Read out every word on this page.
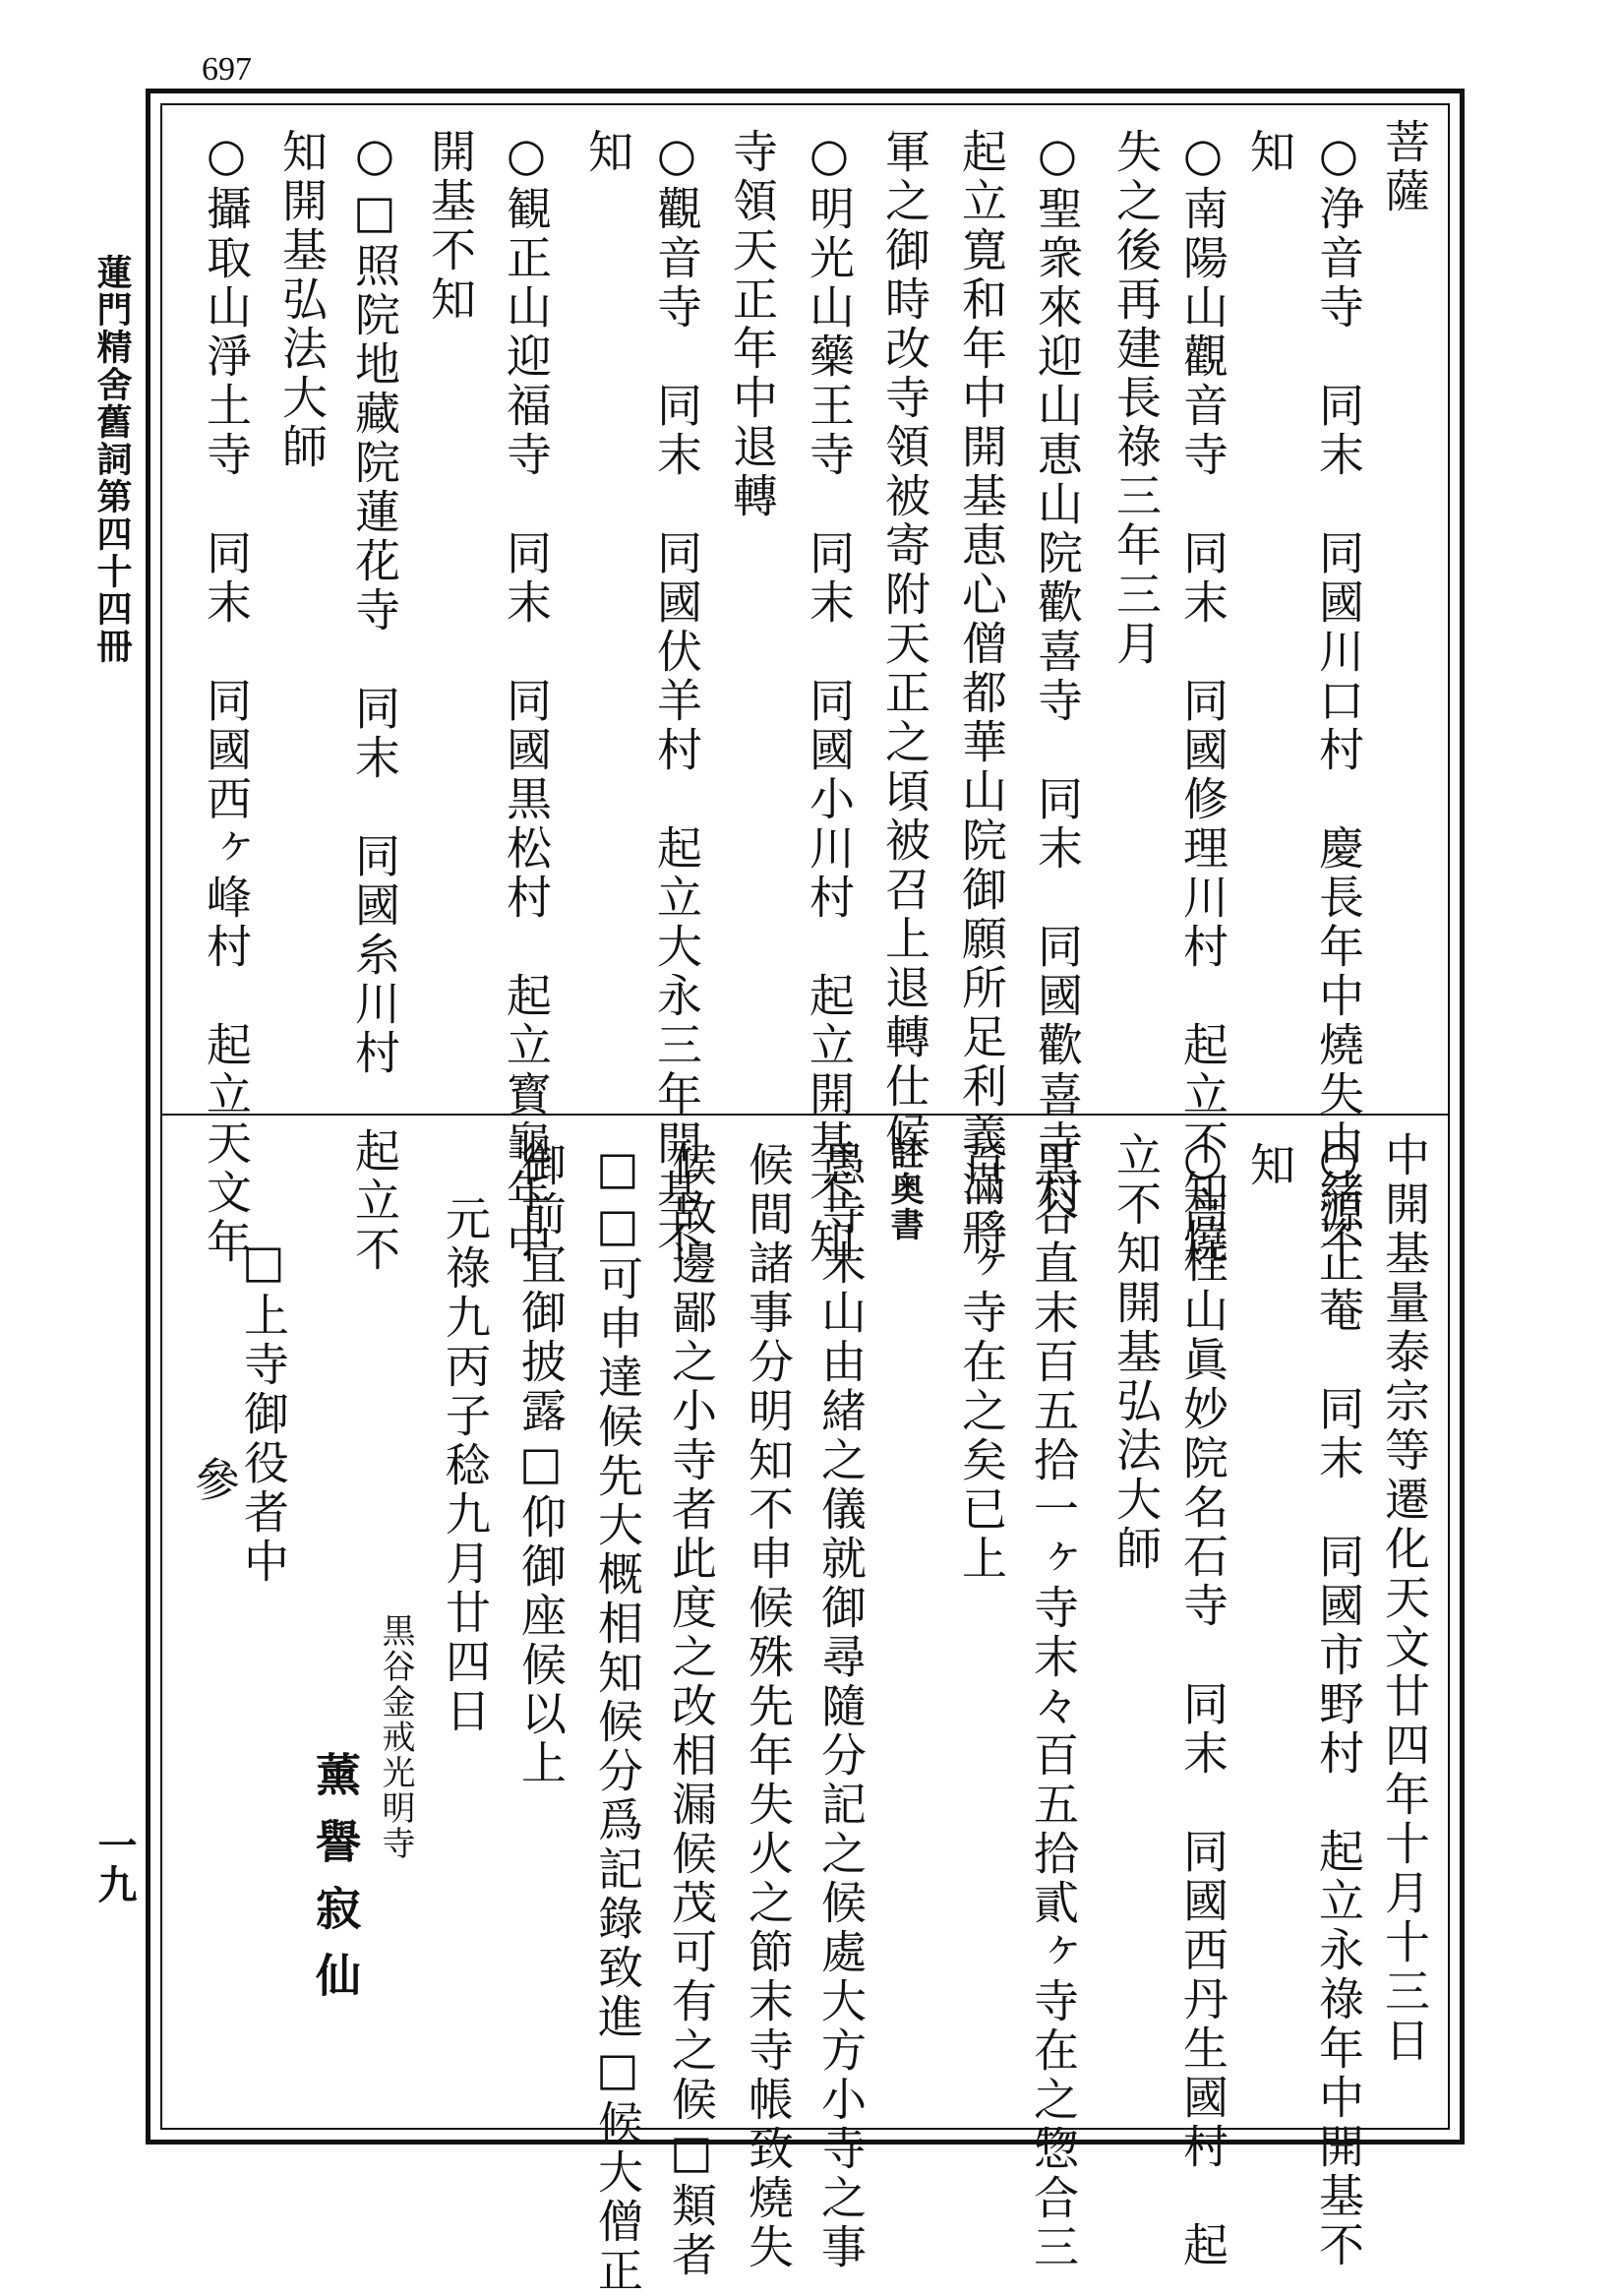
697
蓮門精舍舊詞第四十四冊
一九
菩薩
○浄音寺　同末　同國川口村　慶長年中燒失由緒不
知
○南陽山觀音寺　同末　同國修理川村　起立不知燒
失之後再建長祿三年三月
○聖衆來迎山恵山院歡喜寺　同末　同國歡喜寺村
起立寛和年中開基恵心僧都華山院御願所足利義滿將
軍之御時改寺領被寄附天正之頃被召上退轉仕候
○明光山藥王寺　同末　同國小川村　起立開基不知
寺領天正年中退轉
○觀音寺　同末　同國伏羊村　起立大永三年開基不
知
○観正山迎福寺　同末　同國黒松村　起立寳龜年中
開基不知
○□照院地藏院蓮花寺　同末　同國糸川村　起立不
知開基弘法大師
○攝取山淨土寺　同末　同國西ヶ峰村　起立天文年
中開基量泰宗等遷化天文廿四年十月十三日
○源正菴　同末　同國市野村　起立永祿年中開基不
知
○高桂山眞妙院名石寺　同末　同國西丹生國村　起
立不知開基弘法大師
黒谷直末百五拾一ヶ寺末々百五拾貳ヶ寺在之惣合三
百三ヶ寺在之矣已上
註奥書
愚寺末山由緒之儀就御尋隨分記之候處大方小寺之事
候間諸事分明知不申候殊先年失火之節末寺帳致燒失
候故邊鄙之小寺者此度之改相漏候茂可有之候□類者
□□可申達候先大概相知候分爲記錄致進□候大僧正
御前宜御披露□仰御座候以上
元祿九丙子稔九月廿四日
黒谷金戒光明寺
薰譽寂仙
□上寺御役者中
參
